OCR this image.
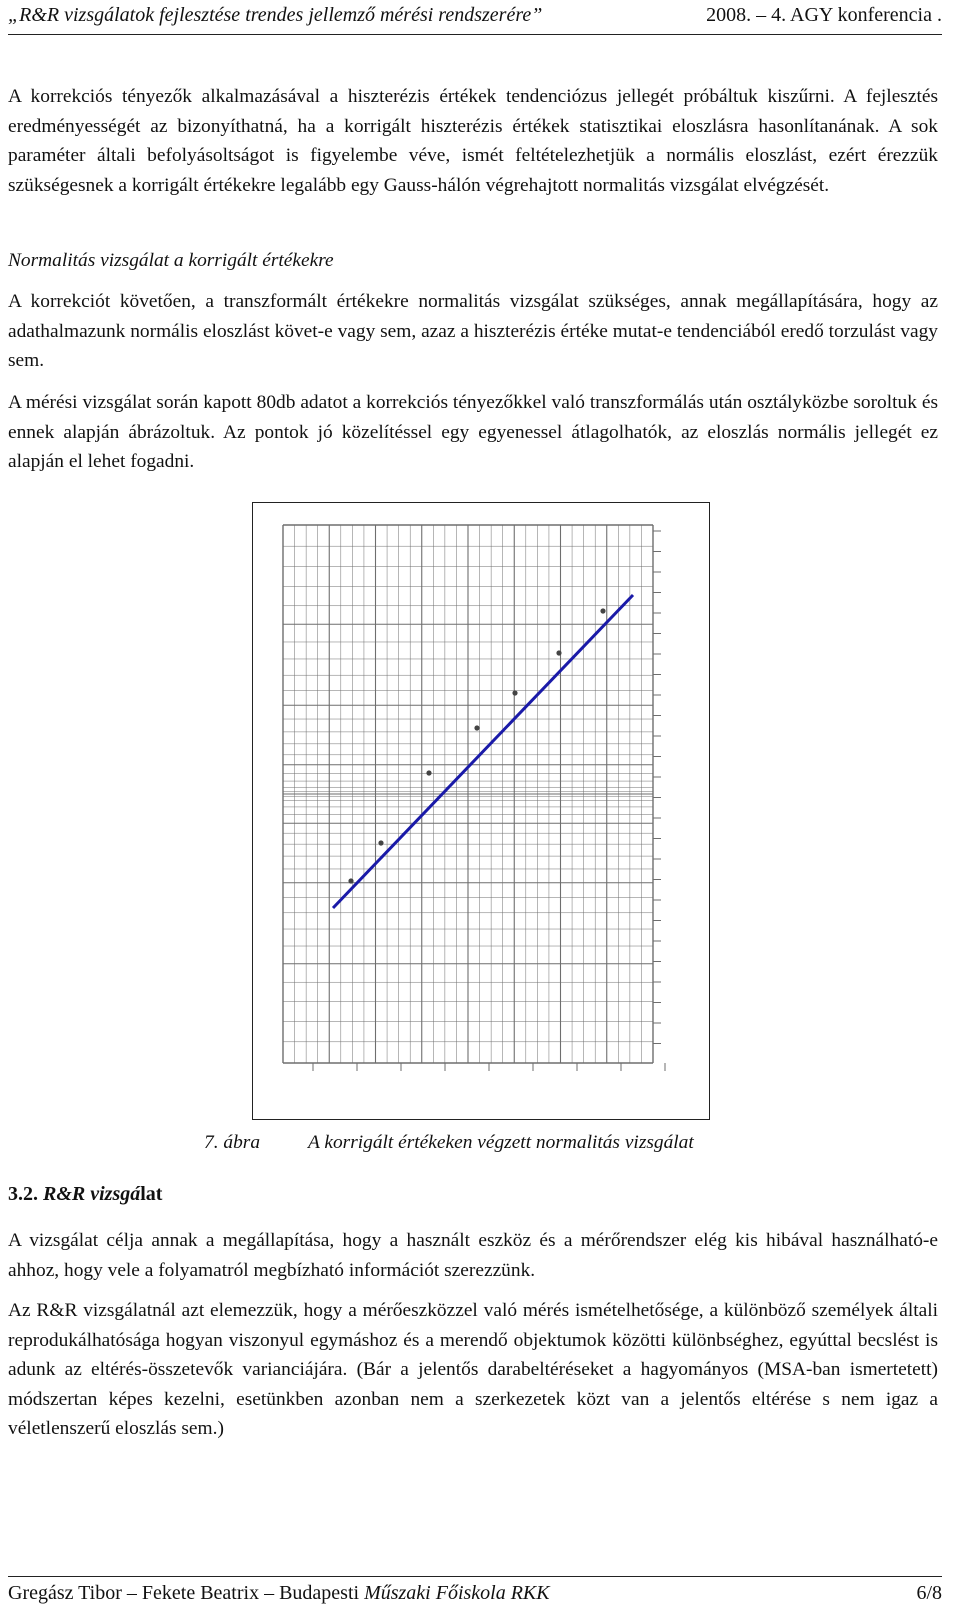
„R&R vizsgálatok fejlesztése trendes jellemző mérési rendszerére”	2008. – 4. AGY konferencia .

A korrekciós tényezők alkalmazásával a hiszterézis értékek tendenciózus jellegét próbáltuk kiszűrni. A fejlesztés eredményességét az bizonyíthatná, ha a korrigált hiszterézis értékek statisztikai eloszlásra hasonlítanának. A sok paraméter általi befolyásoltságot is figyelembe véve, ismét feltételezhetjük a normális eloszlást, ezért érezzük szükségesnek a korrigált értékekre legalább egy Gauss-hálón végrehajtott normalitás vizsgálat elvégzését.

Normalitás vizsgálat a korrigált értékekre

A korrekciót követően, a transzformált értékekre normalitás vizsgálat szükséges, annak megállapítására, hogy az adathalmazunk normális eloszlást követ-e vagy sem, azaz a hiszterézis értéke mutat-e tendenciából eredő torzulást vagy sem.

A mérési vizsgálat során kapott 80db adatot a korrekciós tényezőkkel való transzformálás után osztályközbe soroltuk és ennek alapján ábrázoltuk. Az pontok jó közelítéssel egy egyenessel átlagolhatók, az eloszlás normális jellegét ez alapján el lehet fogadni.

7. ábra A korrigált értékeken végzett normalitás vizsgálat
3.2. R&R vizsgálat

A vizsgálat célja annak a megállapítása, hogy a használt eszköz és a mérőrendszer elég kis hibával használható-e ahhoz, hogy vele a folyamatról megbízható információt szerezzünk.

Az R&R vizsgálatnál azt elemezzük, hogy a mérőeszközzel való mérés ismételhetősége, a különböző személyek általi reprodukálhatósága hogyan viszonyul egymáshoz és a merendő objektumok közötti különbséghez, egyúttal becslést is adunk az eltérés-összetevők varianciájára. (Bár a jelentős darabeltéréseket a hagyományos (MSA-ban ismertetett) módszertan képes kezelni, esetünkben azonban nem a szerkezetek közt van a jelentős eltérése s nem igaz a véletlenszerű eloszlás sem.)

Gregász Tibor – Fekete Beatrix – Budapesti Műszaki Főiskola RKK	6/8
